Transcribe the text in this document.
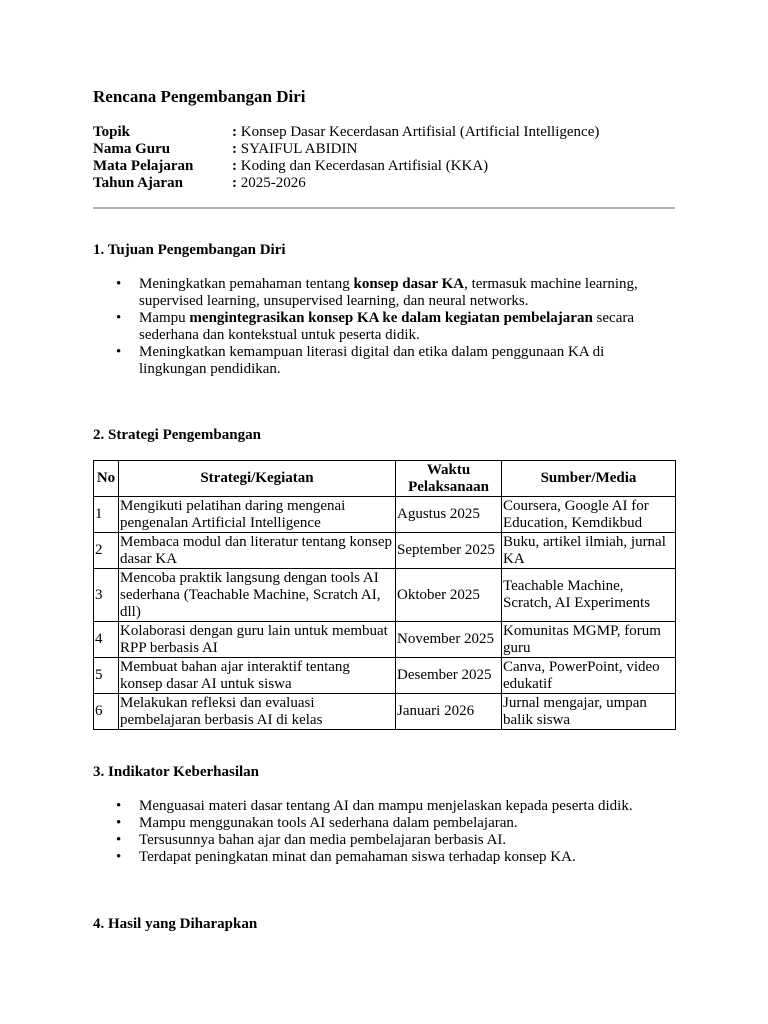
Rencana Pengembangan Diri
Topik	: Konsep Dasar Kecerdasan Artifisial (Artificial Intelligence)
Nama Guru	: SYAIFUL ABIDIN
Mata Pelajaran	: Koding dan Kecerdasan Artifisial (KKA)
Tahun Ajaran	: 2025-2026
1. Tujuan Pengembangan Diri
• Meningkatkan pemahaman tentang konsep dasar KA, termasuk machine learning, supervised learning, unsupervised learning, dan neural networks.
• Mampu mengintegrasikan konsep KA ke dalam kegiatan pembelajaran secara sederhana dan kontekstual untuk peserta didik.
• Meningkatkan kemampuan literasi digital dan etika dalam penggunaan KA di lingkungan pendidikan.
2. Strategi Pengembangan
No	Strategi/Kegiatan	Waktu Pelaksanaan	Sumber/Media
1	Mengikuti pelatihan daring mengenai pengenalan Artificial Intelligence	Agustus 2025	Coursera, Google AI for Education, Kemdikbud
2	Membaca modul dan literatur tentang konsep dasar KA	September 2025	Buku, artikel ilmiah, jurnal KA
3	Mencoba praktik langsung dengan tools AI sederhana (Teachable Machine, Scratch AI, dll)	Oktober 2025	Teachable Machine, Scratch, AI Experiments
4	Kolaborasi dengan guru lain untuk membuat RPP berbasis AI	November 2025	Komunitas MGMP, forum guru
5	Membuat bahan ajar interaktif tentang konsep dasar AI untuk siswa	Desember 2025	Canva, PowerPoint, video edukatif
6	Melakukan refleksi dan evaluasi pembelajaran berbasis AI di kelas	Januari 2026	Jurnal mengajar, umpan balik siswa
3. Indikator Keberhasilan
• Menguasai materi dasar tentang AI dan mampu menjelaskan kepada peserta didik.
• Mampu menggunakan tools AI sederhana dalam pembelajaran.
• Tersusunnya bahan ajar dan media pembelajaran berbasis AI.
• Terdapat peningkatan minat dan pemahaman siswa terhadap konsep KA.
4. Hasil yang Diharapkan
